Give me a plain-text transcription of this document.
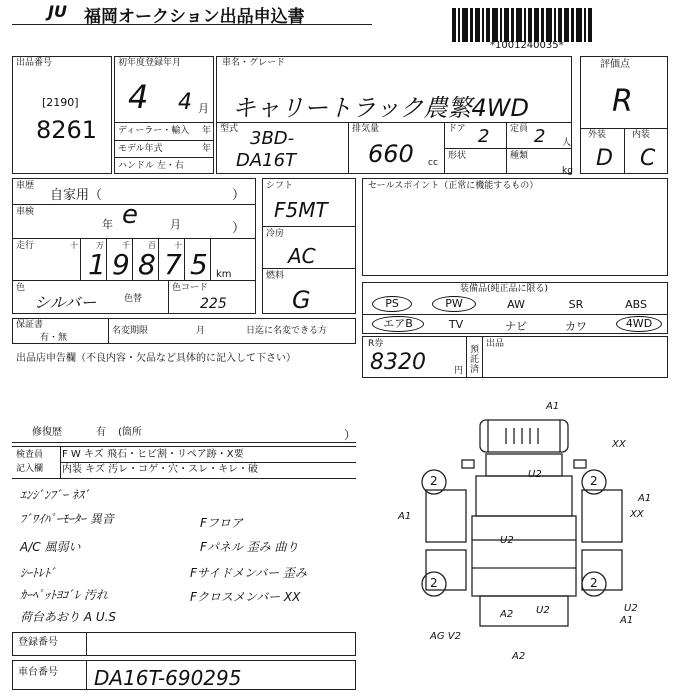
JU 福岡オークション出品申込書
*1001240035*
出品番号
[2190]
8261
初年度登録年月
4 4 月
ディーラー・輸入 年
モデル年式	年
ハンドル 左・右
車名・グレード
キャリートラック農繁4WD
型式 3BD-
DA16T
排気量
660 cc
ドア 2 定員 2 人
形状	種類
kg
評価点
R
外装	内装
D C
車歴
自家用（	）
車検
年 e	月	）
走行	十 万 千 百 十
1 9 8 7 5 km
色
シルバー	色替
色コード
225
シフト
F5MT
冷房
AC
燃料
G
セールスポイント（正常に機能するもの）
装備品(純正品に限る)
PS	PW	AW	SR	ABS
エアB	TV	ナビ	カワ	4WD
R券
8320	円
預託済
出品
保証書
有・無
名変期限	月	日迄に名変できる方
出品店申告欄（不良内容・欠品など具体的に記入して下さい）
）
修復歴	有 (箇所
検査員
記入欄
F W キズ 飛石・ヒビ割・リペア跡・X要
内装 キズ 汚レ・コゲ・穴・スレ・キレ・破
ｴﾝｼﾞﾝﾌﾞｰ ﾈｽﾞ
ﾌﾞﾜｲﾊﾟｰﾓｰﾀｰ 異音
A/C 風弱い
ｼｰﾄﾚﾄﾞ
ｶｰﾍﾟｯﾄﾖｺﾞﾚ 汚れ
荷台あおり A U.S
Fフロア
Fパネル 歪み 曲り
Fサイドメンバー 歪み
Fクロスメンバー XX
登録番号
車台番号 DA16T-690295
A1
XX
A1
U2
A1	XX
U2
A1
A2 U2	U2
AG V2
A2
2	2
2	2
